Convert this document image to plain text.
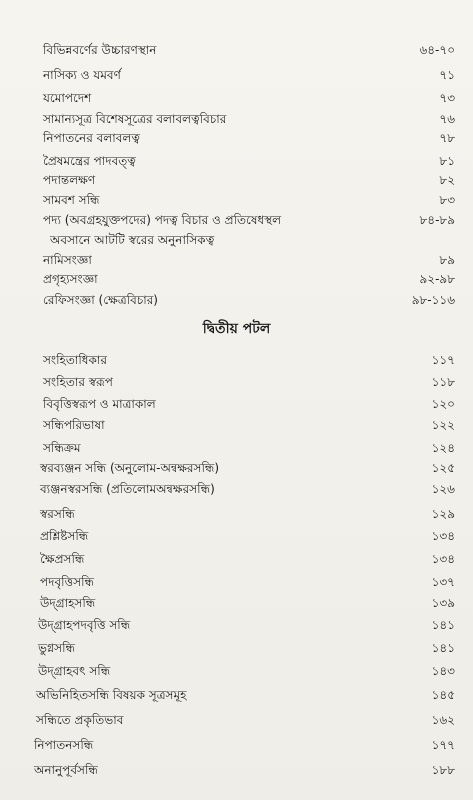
বিভিন্নবর্ণের উচ্চারণস্থান	৬৪-৭০
নাসিক্য ও যমবর্ণ	৭১
যমোপদেশ	৭৩
সামান্যসূত্র বিশেষসূত্রের বলাবলত্ববিচার	৭৬
নিপাতনের বলাবলত্ব	৭৮
প্রৈষমন্ত্রের পাদবত্ত্ব	৮১
পদান্তলক্ষণ	৮২
সামবশ সন্ধি	৮৩
পদ্য (অবগ্রহযুক্তপদের) পদত্ব বিচার ও প্রতিষেধস্থল	৮৪-৮৯
অবসানে আটটি স্বরের অনুনাসিকত্ব
নামিসংজ্ঞা	৮৯
প্রগৃহ্যসংজ্ঞা	৯২-৯৮
রেফিসংজ্ঞা (ক্ষেত্রবিচার)	৯৮-১১৬
দ্বিতীয় পটল
সংহিতাধিকার	১১৭
সংহিতার স্বরূপ	১১৮
বিবৃত্তিস্বরূপ ও মাত্রাকাল	১২০
সন্ধিপরিভাষা	১২২
সন্ধিক্রম	১২৪
স্বরব্যঞ্জন সন্ধি (অনুলোম-অন্বক্ষরসন্ধি)	১২৫
ব্যঞ্জনস্বরসন্ধি (প্রতিলোমঅন্বক্ষরসন্ধি)	১২৬
স্বরসন্ধি	১২৯
প্রশ্লিষ্টসন্ধি	১৩৪
ক্ষৈপ্রসন্ধি	১৩৪
পদবৃত্তিসন্ধি	১৩৭
উদ্‌গ্রাহসন্ধি	১৩৯
উদ্‌গ্রাহপদবৃত্তি সন্ধি	১৪১
ভুগ্নসন্ধি	১৪১
উদ্‌গ্রাহবৎ সন্ধি	১৪৩
অভিনিহিতসন্ধি বিষয়ক সূত্রসমূহ	১৪৫
সন্ধিতে প্রকৃতিভাব	১৬২
নিপাতনসন্ধি	১৭৭
অনানুপূর্বসন্ধি	১৮৮
